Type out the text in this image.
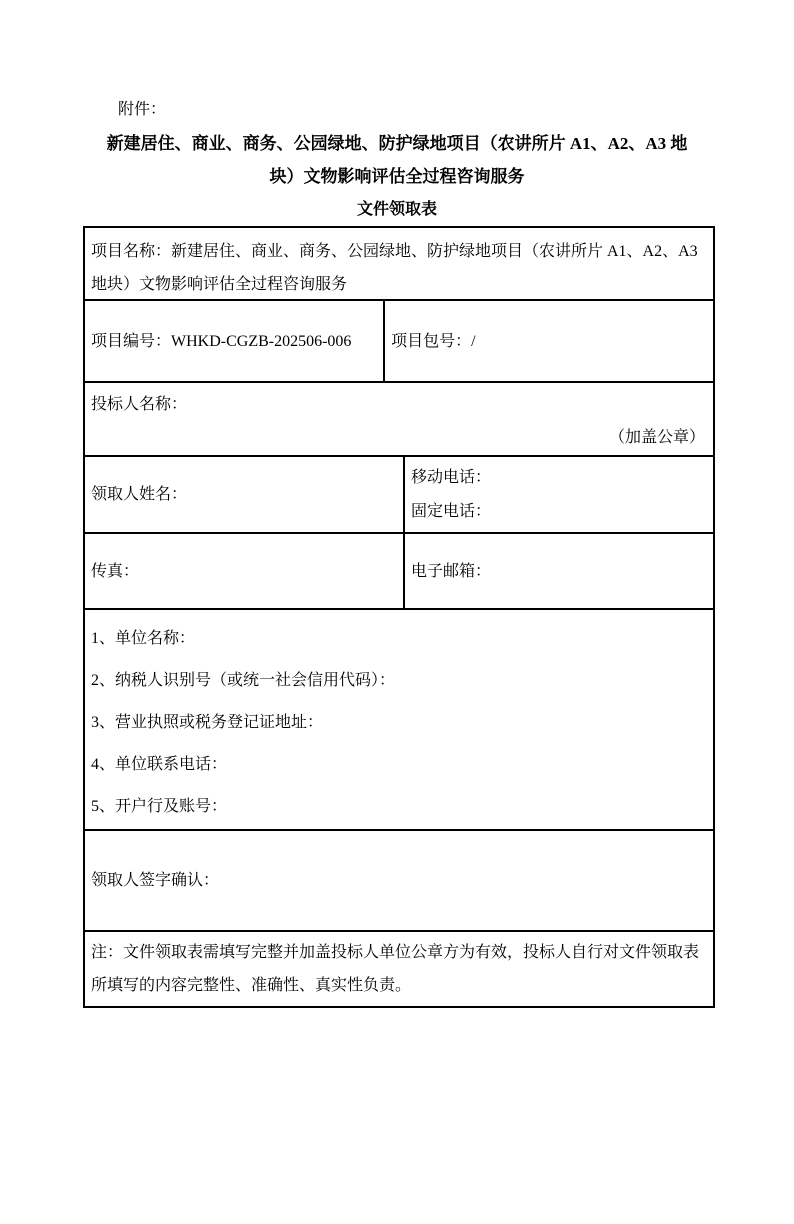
附件：
新建居住、商业、商务、公园绿地、防护绿地项目（农讲所片 A1、A2、A3 地
块）文物影响评估全过程咨询服务
文件领取表
项目名称：新建居住、商业、商务、公园绿地、防护绿地项目（农讲所片 A1、A2、A3 地块）文物影响评估全过程咨询服务
项目编号：WHKD-CGZB-202506-006	项目包号：/
投标人名称：
（加盖公章）
领取人姓名：
移动电话：
固定电话：
传真：	电子邮箱：
1、单位名称：
2、纳税人识别号（或统一社会信用代码）：
3、营业执照或税务登记证地址：
4、单位联系电话：
5、开户行及账号：
领取人签字确认：
注：文件领取表需填写完整并加盖投标人单位公章方为有效，投标人自行对文件领取表所填写的内容完整性、准确性、真实性负责。
